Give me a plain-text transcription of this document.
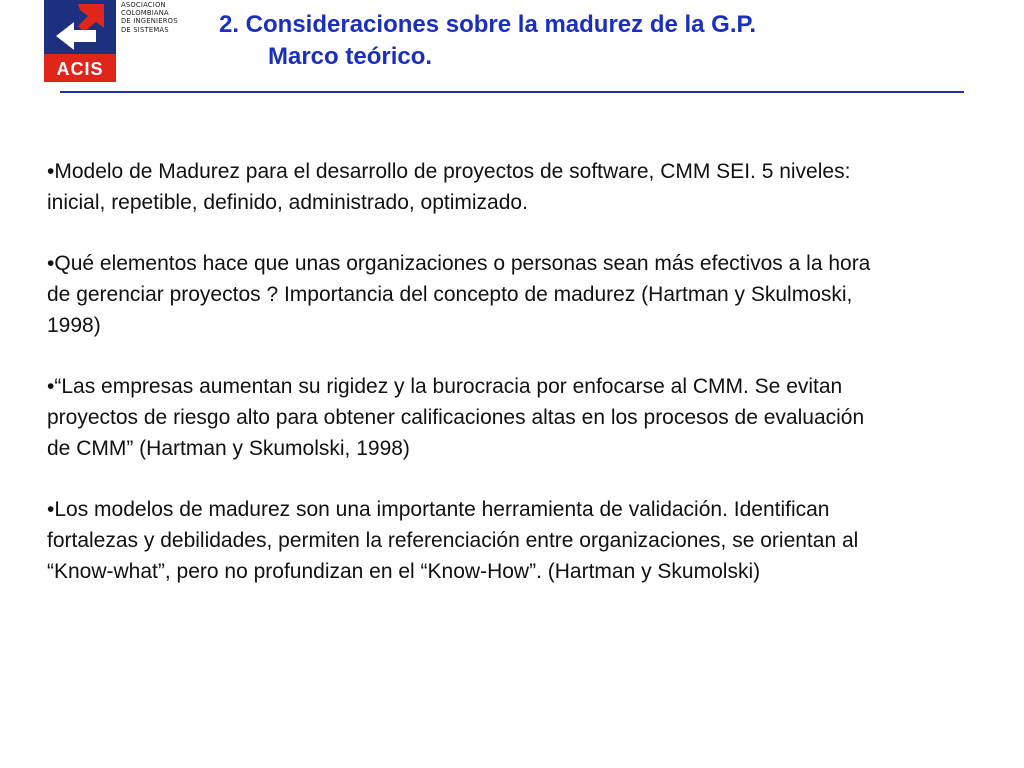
ACIS
ASOCIACION
COLOMBIANA
DE INGENIEROS
DE SISTEMAS	2. Consideraciones sobre la madurez de la G.P.
Marco teórico.
•Modelo de Madurez para el desarrollo de proyectos de software, CMM SEI. 5 niveles: inicial, repetible, definido, administrado, optimizado.
•Qué elementos hace que unas organizaciones o personas sean más efectivos a la hora de gerenciar proyectos ? Importancia del concepto de madurez (Hartman y Skulmoski, 1998)
•“Las empresas aumentan su rigidez y la burocracia por enfocarse al CMM. Se evitan proyectos de riesgo alto para obtener calificaciones altas en los procesos de evaluación de CMM” (Hartman y Skumolski, 1998)
•Los modelos de madurez son una importante herramienta de validación. Identifican fortalezas y debilidades, permiten la referenciación entre organizaciones, se orientan al “Know-what”, pero no profundizan en el “Know-How”. (Hartman y Skumolski)
